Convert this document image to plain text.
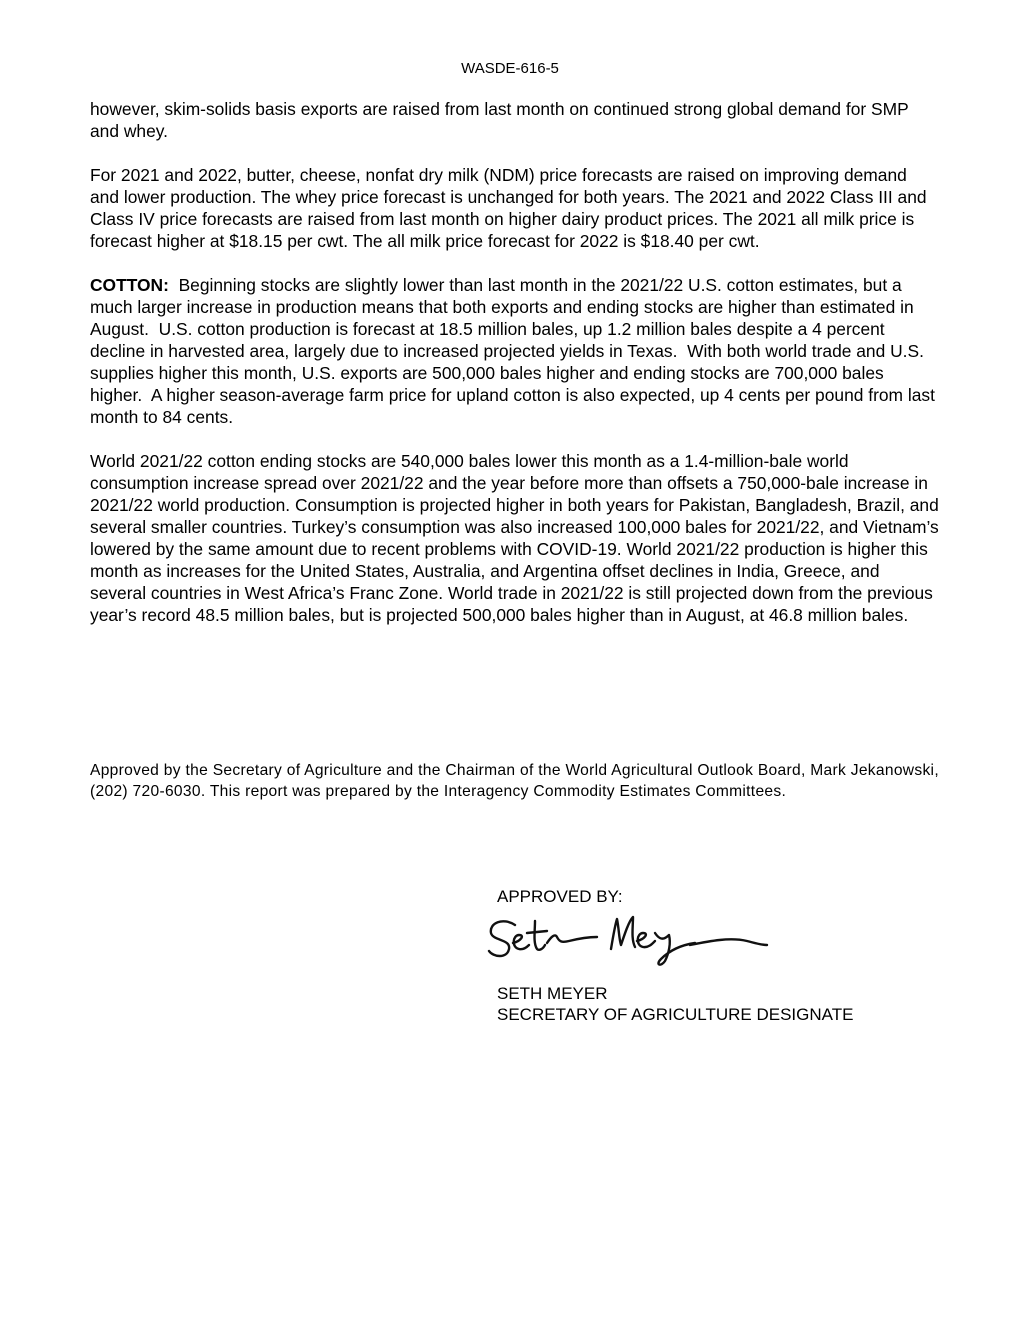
WASDE-616-5

however, skim-solids basis exports are raised from last month on continued strong global demand for SMP and whey.

For 2021 and 2022, butter, cheese, nonfat dry milk (NDM) price forecasts are raised on improving demand and lower production. The whey price forecast is unchanged for both years. The 2021 and 2022 Class III and Class IV price forecasts are raised from last month on higher dairy product prices. The 2021 all milk price is forecast higher at $18.15 per cwt. The all milk price forecast for 2022 is $18.40 per cwt.

COTTON:  Beginning stocks are slightly lower than last month in the 2021/22 U.S. cotton estimates, but a much larger increase in production means that both exports and ending stocks are higher than estimated in August.  U.S. cotton production is forecast at 18.5 million bales, up 1.2 million bales despite a 4 percent decline in harvested area, largely due to increased projected yields in Texas.  With both world trade and U.S. supplies higher this month, U.S. exports are 500,000 bales higher and ending stocks are 700,000 bales higher.  A higher season-average farm price for upland cotton is also expected, up 4 cents per pound from last month to 84 cents.

World 2021/22 cotton ending stocks are 540,000 bales lower this month as a 1.4-million-bale world consumption increase spread over 2021/22 and the year before more than offsets a 750,000-bale increase in 2021/22 world production. Consumption is projected higher in both years for Pakistan, Bangladesh, Brazil, and several smaller countries. Turkey’s consumption was also increased 100,000 bales for 2021/22, and Vietnam’s lowered by the same amount due to recent problems with COVID-19. World 2021/22 production is higher this month as increases for the United States, Australia, and Argentina offset declines in India, Greece, and several countries in West Africa’s Franc Zone. World trade in 2021/22 is still projected down from the previous year’s record 48.5 million bales, but is projected 500,000 bales higher than in August, at 46.8 million bales.

Approved by the Secretary of Agriculture and the Chairman of the World Agricultural Outlook Board, Mark Jekanowski, (202) 720-6030. This report was prepared by the Interagency Commodity Estimates Committees.

APPROVED BY:
SETH MEYER
SECRETARY OF AGRICULTURE DESIGNATE
